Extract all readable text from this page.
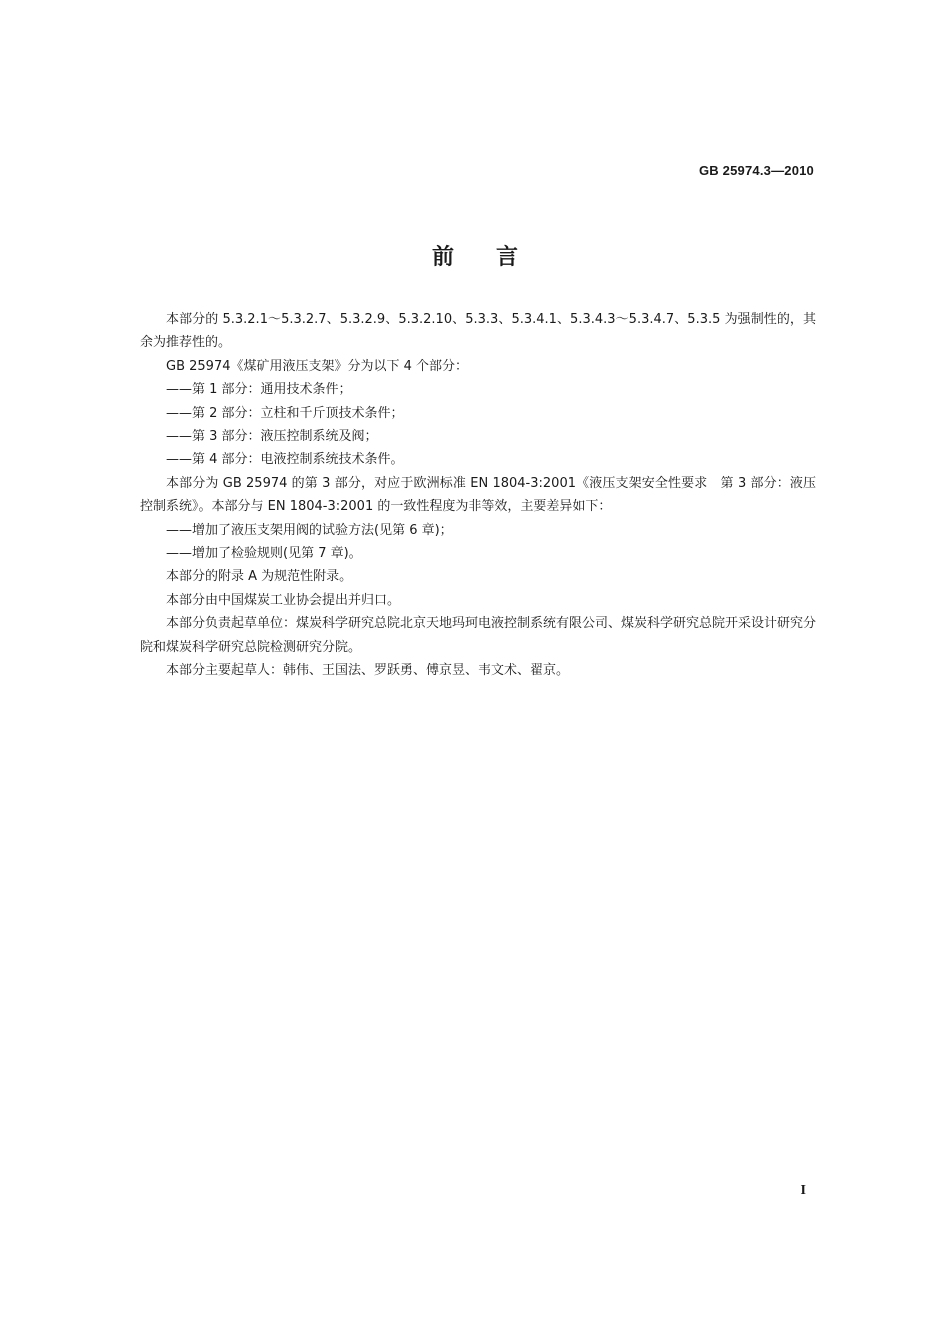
GB 25974.3—2010
前言

本部分的 5.3.2.1～5.3.2.7、5.3.2.9、5.3.2.10、5.3.3、5.3.4.1、5.3.4.3～5.3.4.7、5.3.5 为强制性的，其余为推荐性的。

GB 25974《煤矿用液压支架》分为以下 4 个部分：

——第 1 部分：通用技术条件；

——第 2 部分：立柱和千斤顶技术条件；

——第 3 部分：液压控制系统及阀；

——第 4 部分：电液控制系统技术条件。

本部分为 GB 25974 的第 3 部分，对应于欧洲标准 EN 1804-3:2001《液压支架安全性要求　第 3 部分：液压控制系统》。本部分与 EN 1804-3:2001 的一致性程度为非等效，主要差异如下：

——增加了液压支架用阀的试验方法(见第 6 章)；

——增加了检验规则(见第 7 章)。

本部分的附录 A 为规范性附录。

本部分由中国煤炭工业协会提出并归口。

本部分负责起草单位：煤炭科学研究总院北京天地玛珂电液控制系统有限公司、煤炭科学研究总院开采设计研究分院和煤炭科学研究总院检测研究分院。

本部分主要起草人：韩伟、王国法、罗跃勇、傅京昱、韦文术、翟京。

I
